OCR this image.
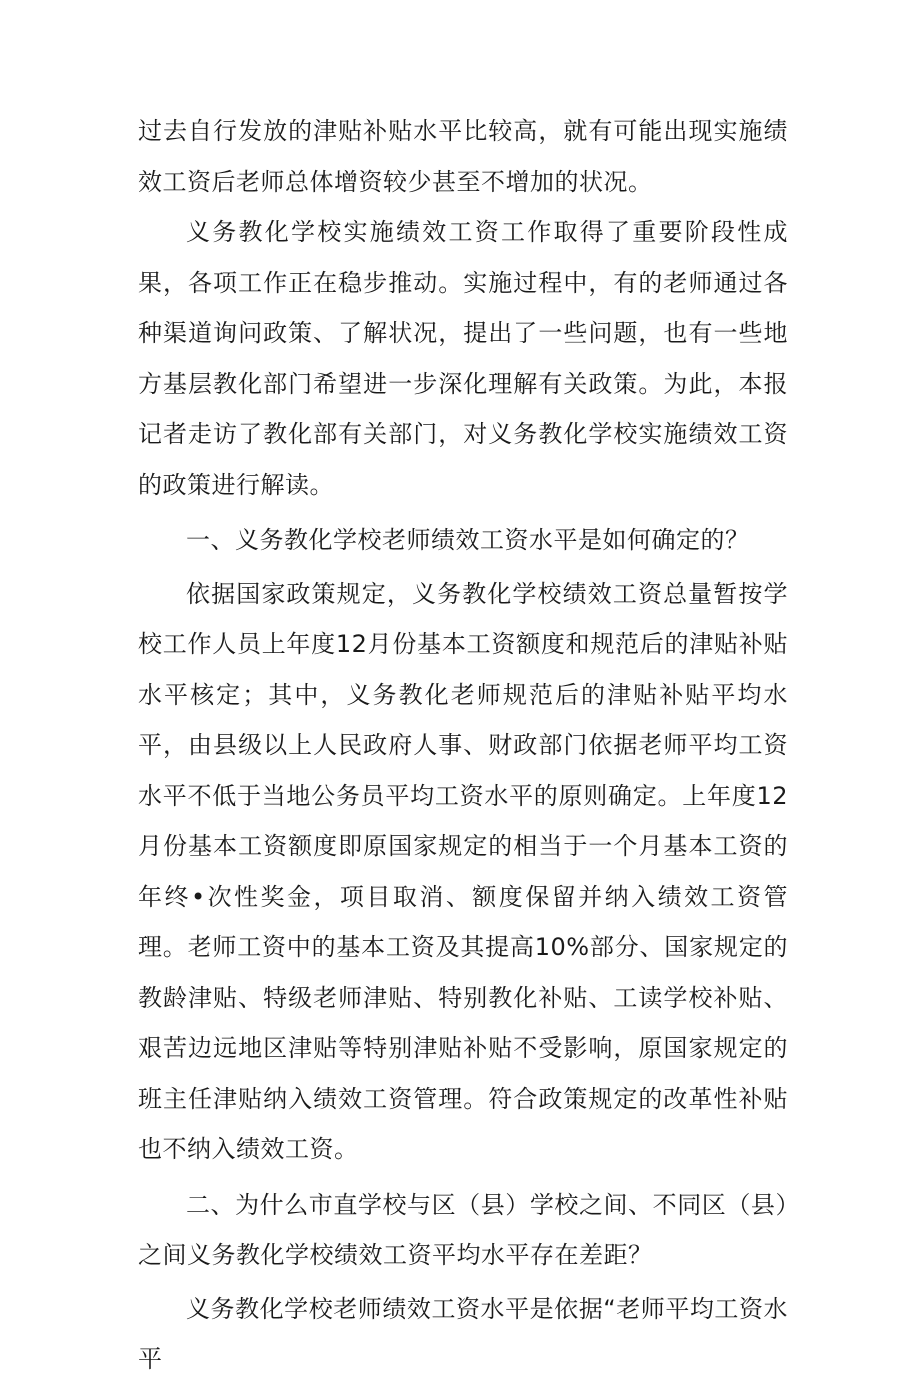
过去自行发放的津贴补贴水平比较高，就有可能出现实施绩效工资后老师总体增资较少甚至不增加的状况。

义务教化学校实施绩效工资工作取得了重要阶段性成果，各项工作正在稳步推动。实施过程中，有的老师通过各种渠道询问政策、了解状况，提出了一些问题，也有一些地方基层教化部门希望进一步深化理解有关政策。为此，本报记者走访了教化部有关部门，对义务教化学校实施绩效工资的政策进行解读。

一、义务教化学校老师绩效工资水平是如何确定的？

依据国家政策规定，义务教化学校绩效工资总量暂按学校工作人员上年度12月份基本工资额度和规范后的津贴补贴水平核定；其中，义务教化老师规范后的津贴补贴平均水平，由县级以上人民政府人事、财政部门依据老师平均工资水平不低于当地公务员平均工资水平的原则确定。上年度12月份基本工资额度即原国家规定的相当于一个月基本工资的年终•次性奖金，项目取消、额度保留并纳入绩效工资管理。老师工资中的基本工资及其提高10%部分、国家规定的教龄津贴、特级老师津贴、特别教化补贴、工读学校补贴、艰苦边远地区津贴等特别津贴补贴不受影响，原国家规定的班主任津贴纳入绩效工资管理。符合政策规定的改革性补贴也不纳入绩效工资。

二、为什么市直学校与区（县）学校之间、不同区（县）之间义务教化学校绩效工资平均水平存在差距？

义务教化学校老师绩效工资水平是依据“老师平均工资水平
